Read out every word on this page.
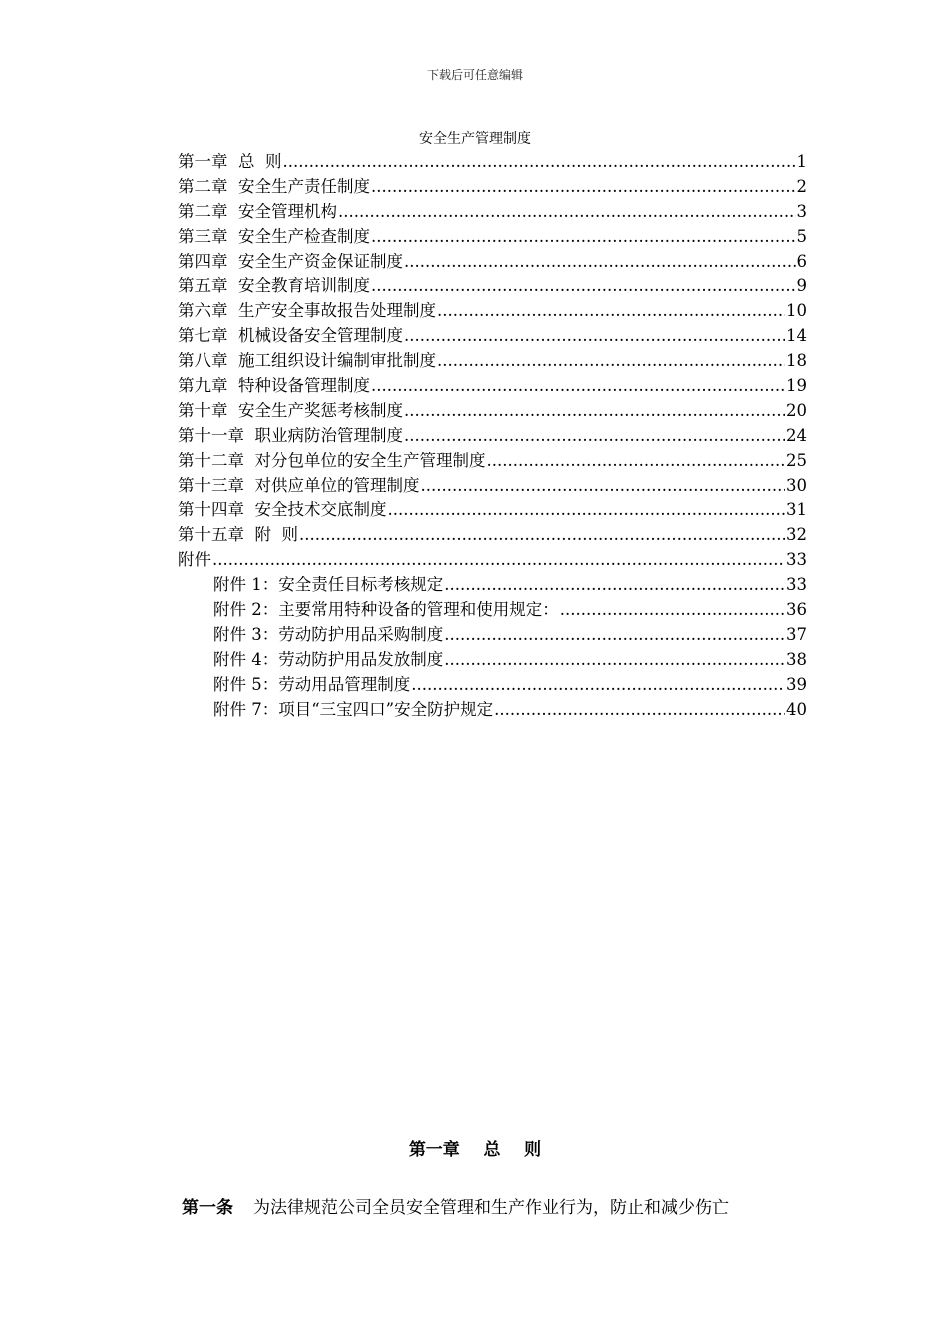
下载后可任意编辑
安全生产管理制度
第一章  总  则 .....	1
第二章  安全生产责任制度 .....	2
第二章  安全管理机构 .....	3
第三章  安全生产检查制度 .....	5
第四章  安全生产资金保证制度 .....	6
第五章  安全教育培训制度 .....	9
第六章  生产安全事故报告处理制度 .....	10
第七章  机械设备安全管理制度 .....	14
第八章  施工组织设计编制审批制度 .....	18
第九章  特种设备管理制度 .....	19
第十章  安全生产奖惩考核制度 .....	20
第十一章  职业病防治管理制度 .....	24
第十二章  对分包单位的安全生产管理制度 .....	25
第十三章  对供应单位的管理制度 .....	30
第十四章  安全技术交底制度 .....	31
第十五章  附  则 .....	32
附件 .....	33
附件 1：安全责任目标考核规定 .....	33
附件 2：主要常用特种设备的管理和使用规定： .....	36
附件 3：劳动防护用品采购制度 .....	37
附件 4：劳动防护用品发放制度 .....	38
附件 5：劳动用品管理制度 .....	39
附件 7：项目“三宝四口”安全防护规定 .....	40
第一章    总    则
第一条 为法律规范公司全员安全管理和生产作业行为，防止和减少伤亡
